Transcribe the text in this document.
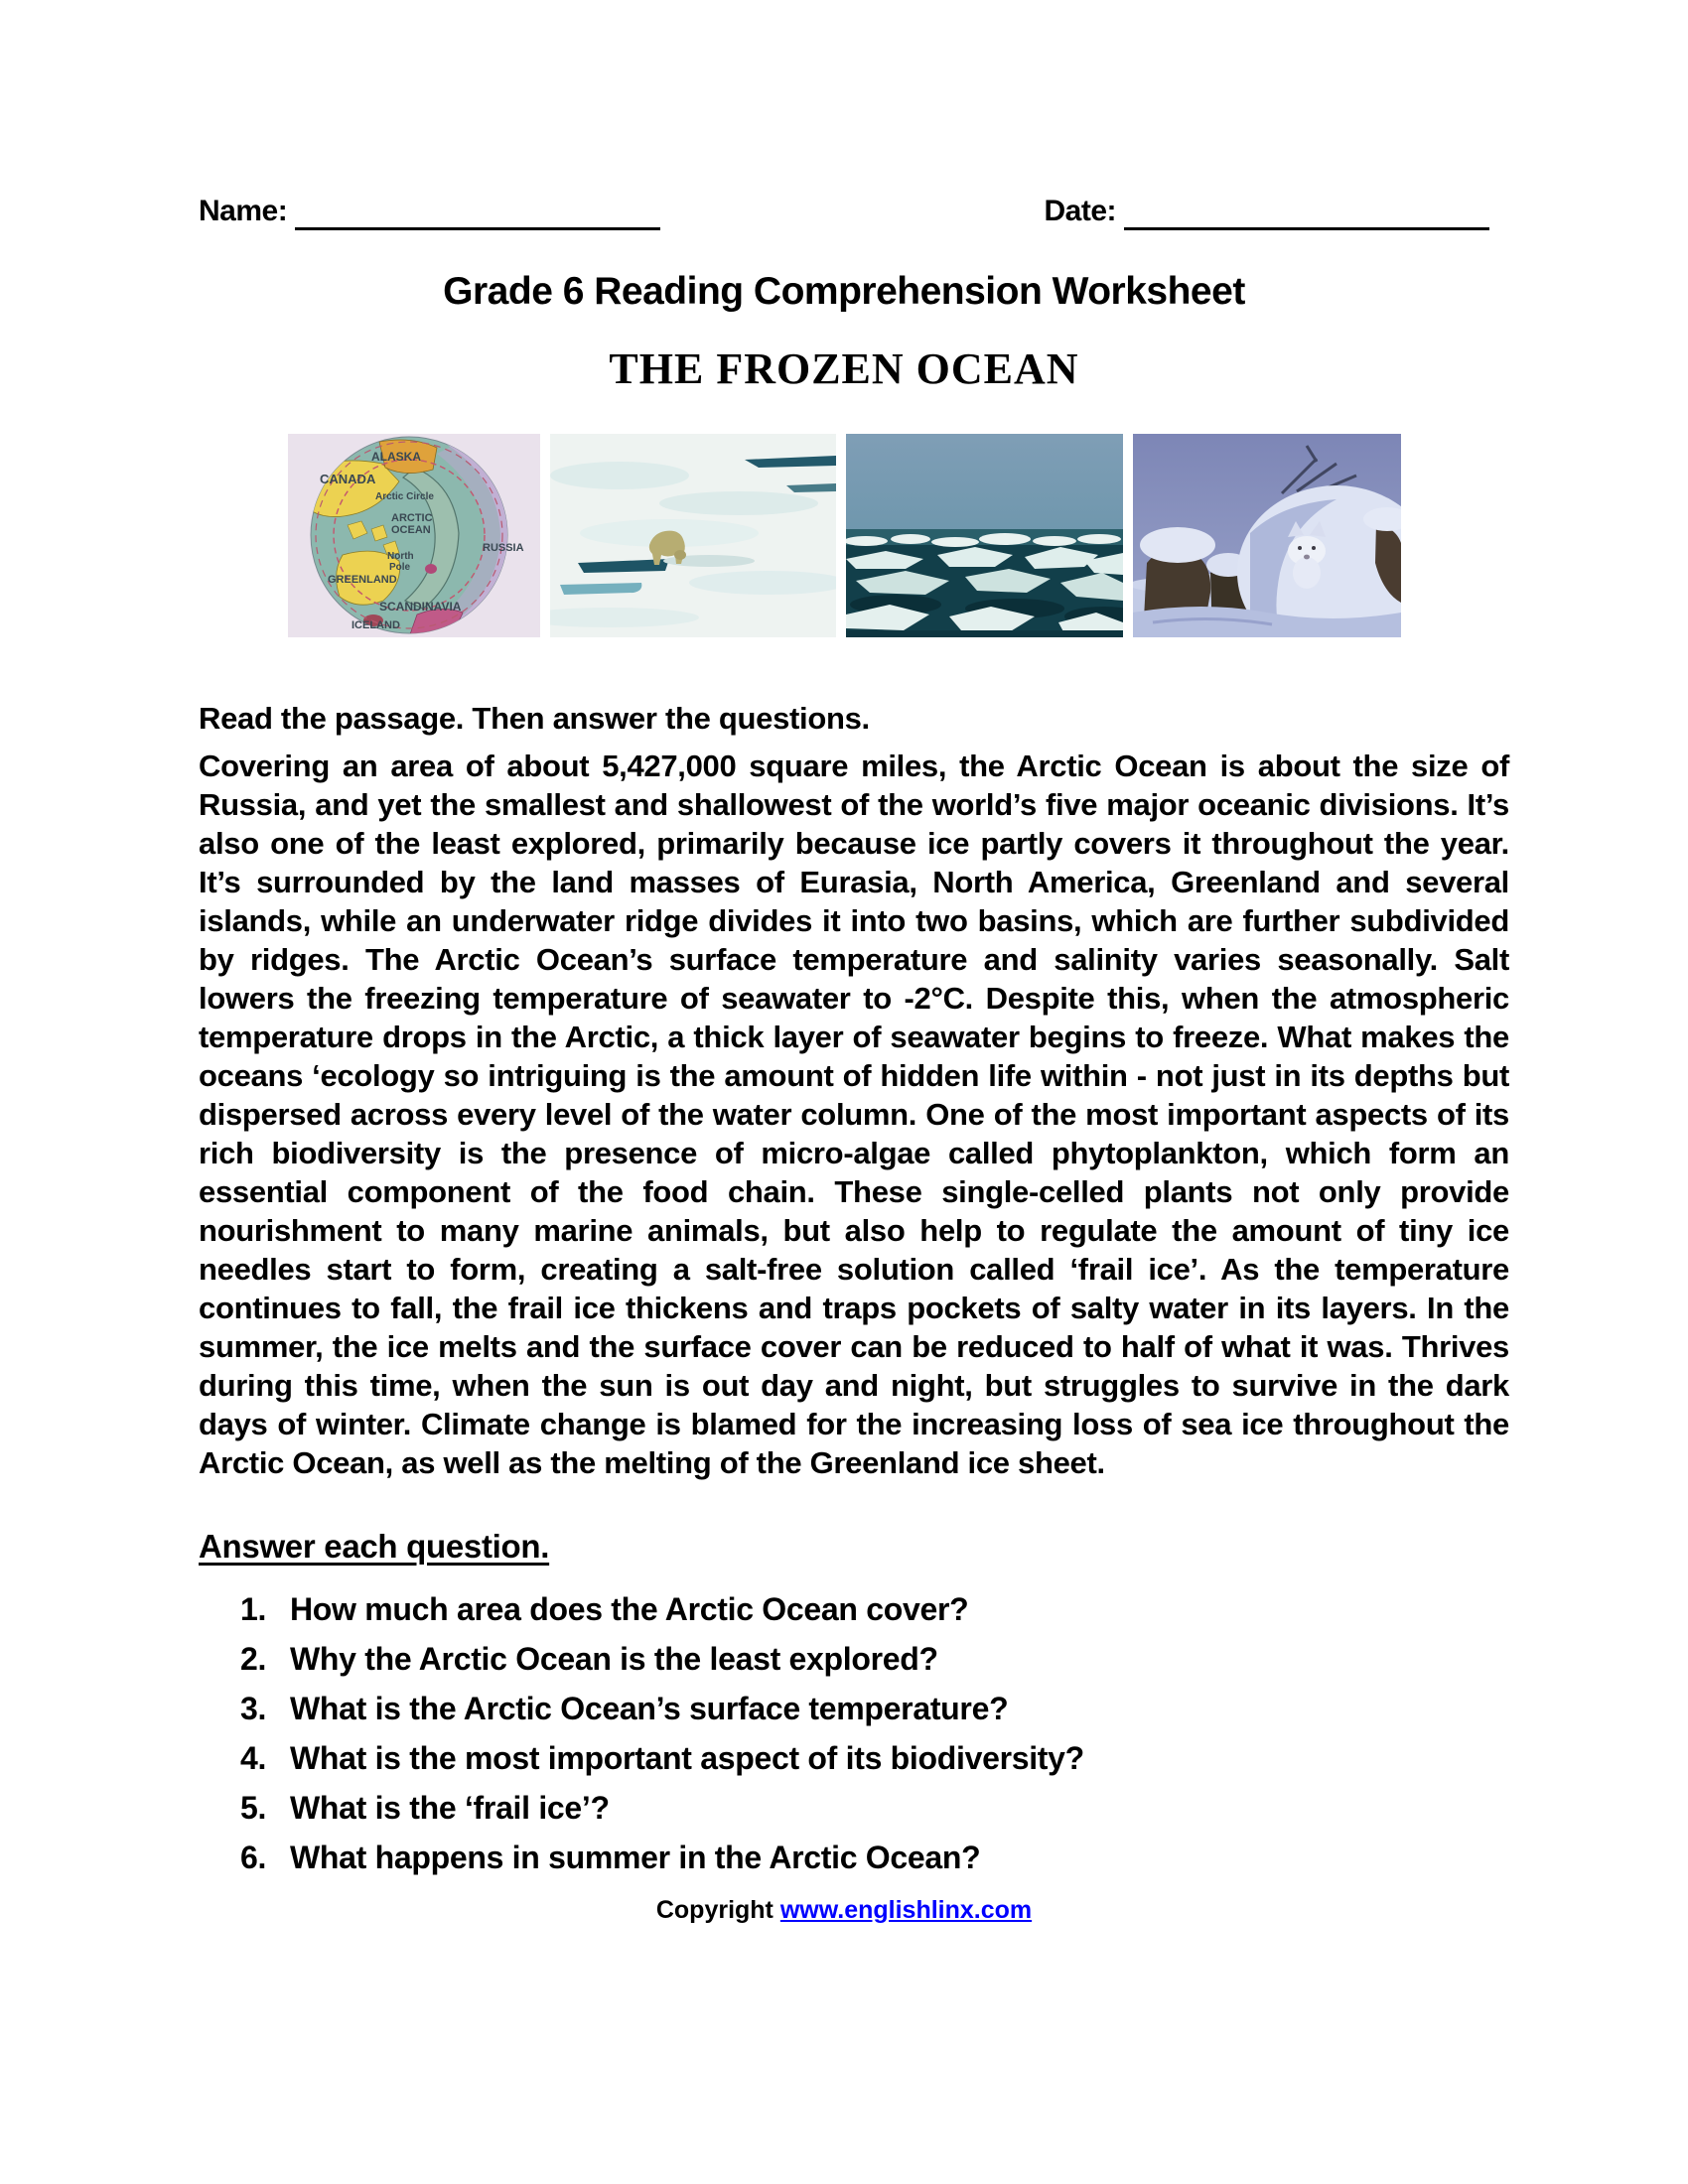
Name:	Date:
Grade 6 Reading Comprehension Worksheet
THE FROZEN OCEAN
ALASKA
CANADA
Arctic Circle
ARCTIC
OCEAN
North
Pole
RUSSIA
GREENLAND
SCANDINAVIA
ICELAND

Read the passage. Then answer the questions.

Covering an area of about 5,427,000 square miles, the Arctic Ocean is about the size of Russia, and yet the smallest and shallowest of the world’s five major oceanic divisions. It’s also one of the least explored, primarily because ice partly covers it throughout the year. It’s surrounded by the land masses of Eurasia, North America, Greenland and several islands, while an underwater ridge divides it into two basins, which are further subdivided by ridges. The Arctic Ocean’s surface temperature and salinity varies seasonally. Salt lowers the freezing temperature of seawater to -2°C. Despite this, when the atmospheric temperature drops in the Arctic, a thick layer of seawater begins to freeze. What makes the oceans ‘ecology so intriguing is the amount of hidden life within - not just in its depths but dispersed across every level of the water column. One of the most important aspects of its rich biodiversity is the presence of micro-algae called phytoplankton, which form an essential component of the food chain. These single-celled plants not only provide nourishment to many marine animals, but also help to regulate the amount of tiny ice needles start to form, creating a salt-free solution called ‘frail ice’. As the temperature continues to fall, the frail ice thickens and traps pockets of salty water in its layers. In the summer, the ice melts and the surface cover can be reduced to half of what it was. Thrives during this time, when the sun is out day and night, but struggles to survive in the dark days of winter. Climate change is blamed for the increasing loss of sea ice throughout the Arctic Ocean, as well as the melting of the Greenland ice sheet.

Answer each question.
1. How much area does the Arctic Ocean cover?
2. Why the Arctic Ocean is the least explored?
3. What is the Arctic Ocean’s surface temperature?
4. What is the most important aspect of its biodiversity?
5. What is the ‘frail ice’?
6. What happens in summer in the Arctic Ocean?

Copyright www.englishlinx.com
